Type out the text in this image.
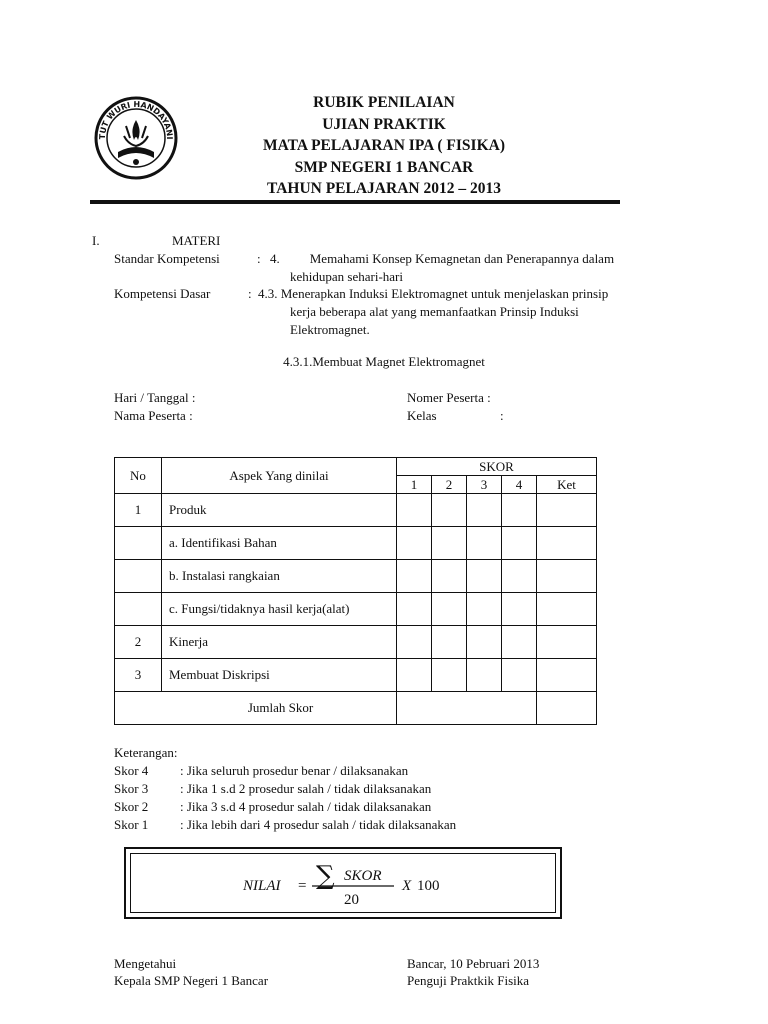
TUT WURI HANDAYANI
RUBIK PENILAIAN
UJIAN PRAKTIK
MATA PELAJARAN IPA ( FISIKA)
SMP NEGERI 1 BANCAR
TAHUN PELAJARAN 2012 – 2013
I.	MATERI
Standar Kompetensi	: 4. Memahami Konsep Kemagnetan dan Penerapannya dalam
kehidupan sehari-hari
Kompetensi Dasar	: 4.3. Menerapkan Induksi Elektromagnet untuk menjelaskan prinsip
kerja beberapa alat yang memanfaatkan Prinsip Induksi
Elektromagnet.
4.3.1.Membuat Magnet Elektromagnet
Hari / Tanggal :
Nama Peserta :
Nomer Peserta :
Kelas	:
No	Aspek Yang dinilai	SKOR				
		1	2	3	4	Ket
1	Produk					
	a. Identifikasi Bahan					
	b. Instalasi rangkaian					
	c. Fungsi/tidaknya hasil kerja(alat)					
2	Kinerja					
3	Membuat Diskripsi					
Jumlah Skor						
Keterangan:
Skor 4 : Jika seluruh prosedur benar / dilaksanakan
Skor 3 : Jika 1 s.d 2 prosedur salah / tidak dilaksanakan
Skor 2 : Jika 3 s.d 4 prosedur salah / tidak dilaksanakan
Skor 1 : Jika lebih dari 4 prosedur salah / tidak dilaksanakan
NILAI = ∑ SKOR
20
X 100
Mengetahui
Kepala SMP Negeri 1 Bancar
Bancar, 10 Pebruari 2013
Penguji Praktkik Fisika
